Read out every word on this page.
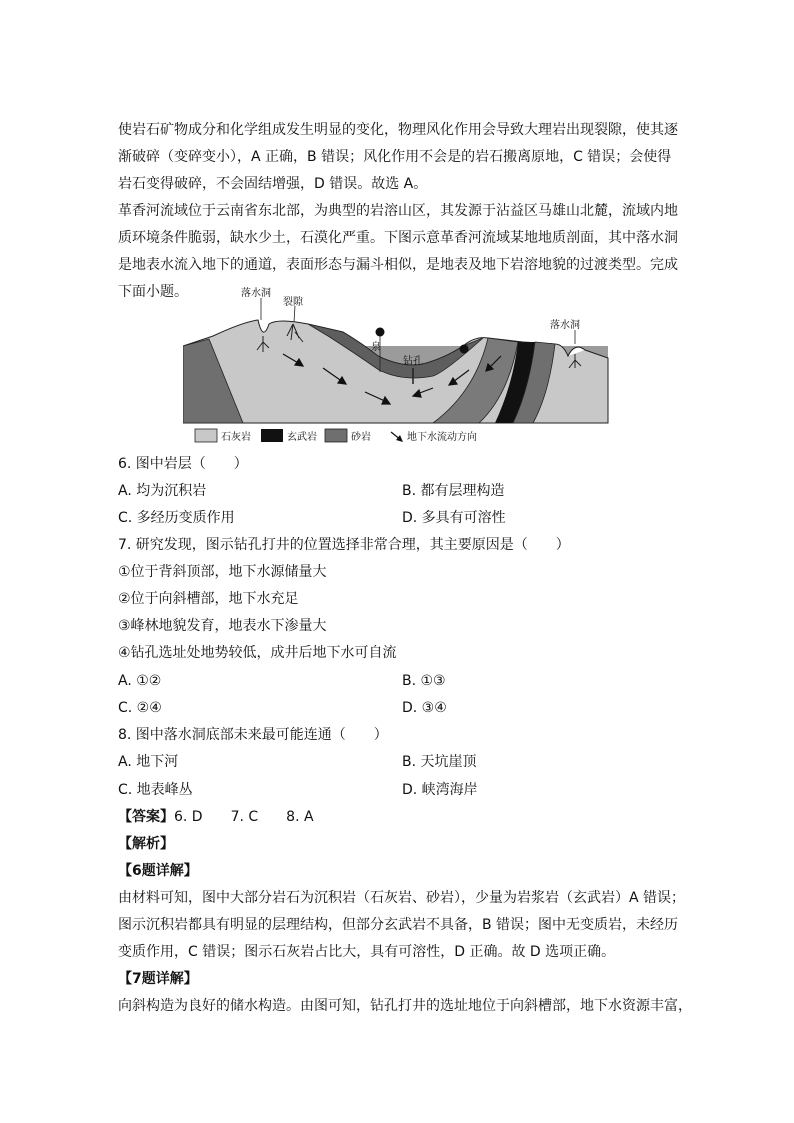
使岩石矿物成分和化学组成发生明显的变化，物理风化作用会导致大理岩出现裂隙，使其逐
渐破碎（变碎变小），A 正确，B 错误；风化作用不会是的岩石搬离原地，C 错误；会使得
岩石变得破碎，不会固结增强，D 错误。故选 A。
革香河流域位于云南省东北部，为典型的岩溶山区，其发源于沾益区马雄山北麓，流域内地
质环境条件脆弱，缺水少土，石漠化严重。下图示意革香河流域某地地质剖面，其中落水洞
是地表水流入地下的通道，表面形态与漏斗相似，是地表及地下岩溶地貌的过渡类型。完成
下面小题。	落水洞
裂隙
泉
钻孔
落水洞
石灰岩	玄武岩	砂岩	地下水流动方向
6. 图中岩层（　　）
A. 均为沉积岩	B. 都有层理构造
C. 多经历变质作用	D. 多具有可溶性
7. 研究发现，图示钻孔打井的位置选择非常合理，其主要原因是（　　）
①位于背斜顶部，地下水源储量大
②位于向斜槽部，地下水充足
③峰林地貌发育，地表水下渗量大
④钻孔选址处地势较低，成井后地下水可自流
A. ①②	B. ①③
C. ②④	D. ③④
8. 图中落水洞底部未来最可能连通（　　）
A. 地下河	B. 天坑崖顶
C. 地表峰丛	D. 峡湾海岸
【答案】6. D　　7. C　　8. A
【解析】
【6题详解】
由材料可知，图中大部分岩石为沉积岩（石灰岩、砂岩），少量为岩浆岩（玄武岩）A 错误；
图示沉积岩都具有明显的层理结构，但部分玄武岩不具备，B 错误；图中无变质岩，未经历
变质作用，C 错误；图示石灰岩占比大，具有可溶性，D 正确。故 D 选项正确。
【7题详解】
向斜构造为良好的储水构造。由图可知，钻孔打井的选址地位于向斜槽部，地下水资源丰富，
